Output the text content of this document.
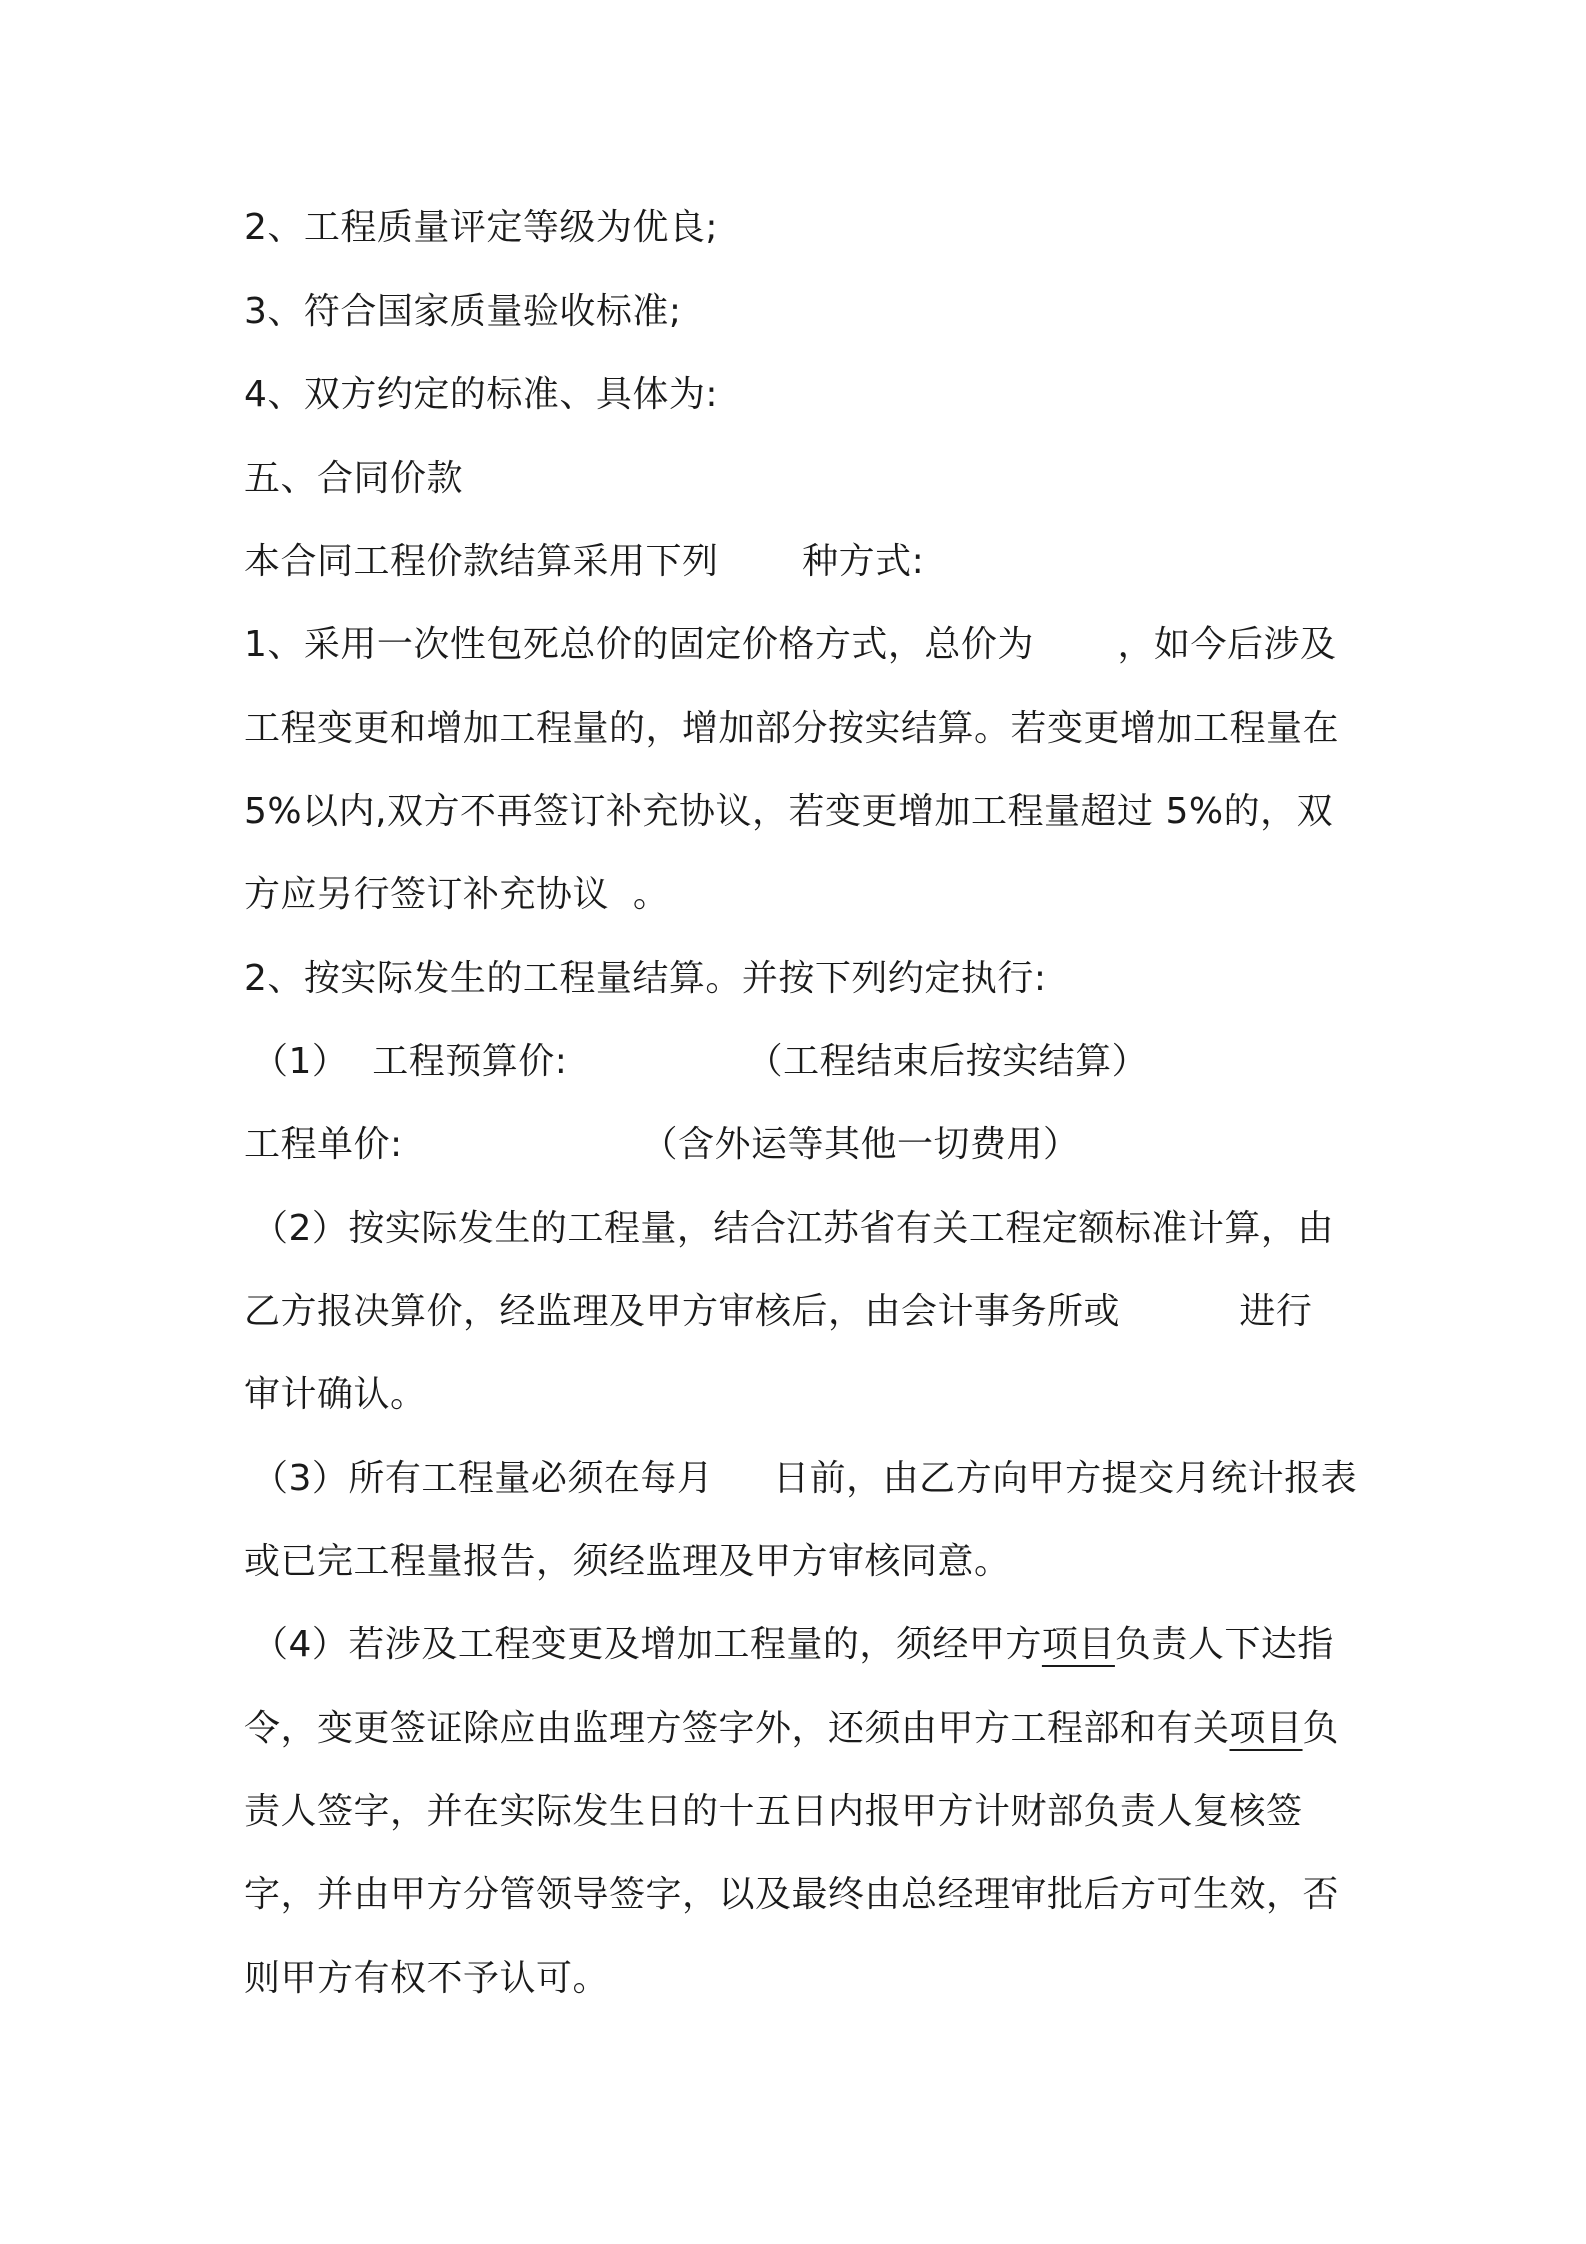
2、工程质量评定等级为优良;
3、符合国家质量验收标准;
4、双方约定的标准、具体为:
五、合同价款
本合同工程价款结算采用下列       种方式:
1、采用一次性包死总价的固定价格方式，总价为       ，如今后涉及
工程变更和增加工程量的，增加部分按实结算。若变更增加工程量在
5%以内,双方不再签订补充协议，若变更增加工程量超过 5%的，双
方应另行签订补充协议  。
2、按实际发生的工程量结算。并按下列约定执行:
（1）  工程预算价:               （工程结束后按实结算）
工程单价:                    （含外运等其他一切费用）
（2）按实际发生的工程量，结合江苏省有关工程定额标准计算，由
乙方报决算价，经监理及甲方审核后，由会计事务所或          进行
审计确认。
（3）所有工程量必须在每月     日前，由乙方向甲方提交月统计报表
或已完工程量报告，须经监理及甲方审核同意。
（4）若涉及工程变更及增加工程量的，须经甲方项目负责人下达指
令，变更签证除应由监理方签字外，还须由甲方工程部和有关项目负
责人签字，并在实际发生日的十五日内报甲方计财部负责人复核签
字，并由甲方分管领导签字，以及最终由总经理审批后方可生效，否
则甲方有权不予认可。
